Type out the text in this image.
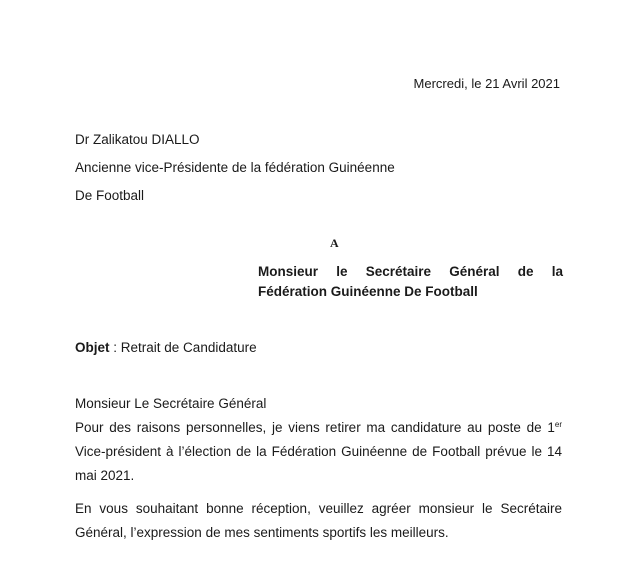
Mercredi, le 21 Avril 2021
Dr Zalikatou DIALLO
Ancienne vice-Présidente de la fédération Guinéenne
De Football
A
Monsieur le Secrétaire Général de la Fédération Guinéenne De Football
Objet : Retrait de Candidature
Monsieur Le Secrétaire Général

Pour des raisons personnelles, je viens retirer ma candidature au poste de 1er Vice-président à l’élection de la Fédération Guinéenne de Football prévue le 14 mai 2021.

En vous souhaitant bonne réception, veuillez agréer monsieur le Secrétaire Général, l’expression de mes sentiments sportifs les meilleurs.
